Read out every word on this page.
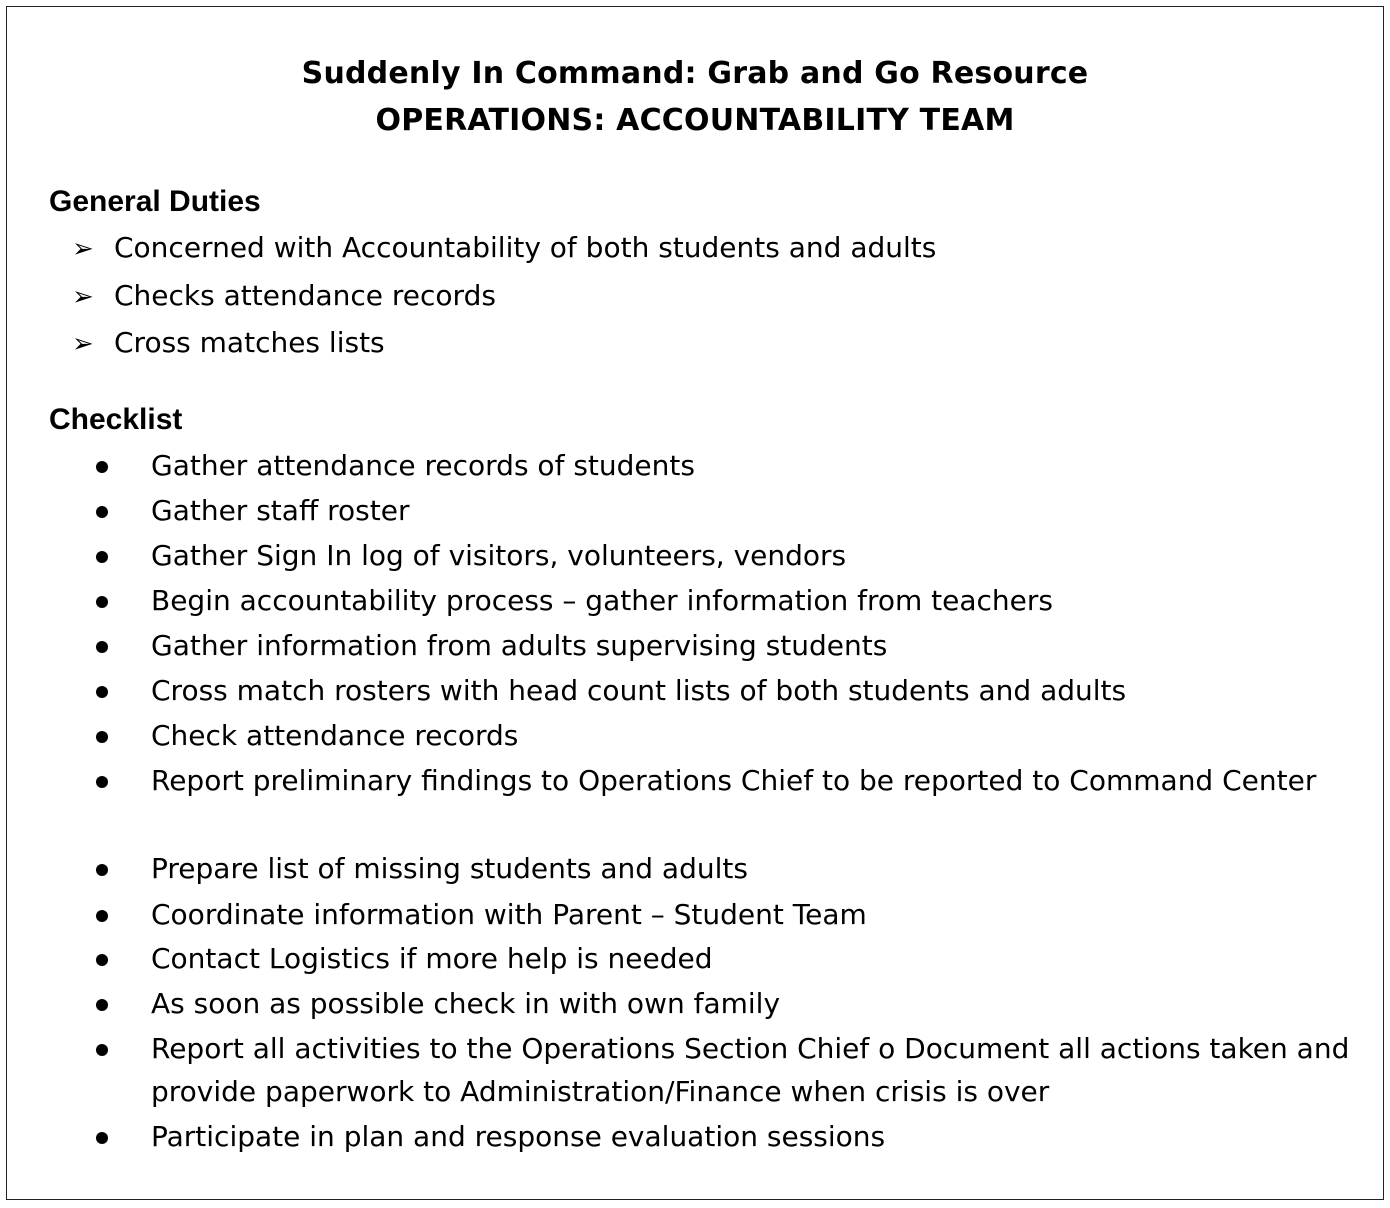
Suddenly In Command: Grab and Go Resource
OPERATIONS: ACCOUNTABILITY TEAM
General Duties
➢ Concerned with Accountability of both students and adults
➢ Checks attendance records
➢ Cross matches lists
Checklist
Gather attendance records of students
Gather staff roster
Gather Sign In log of visitors, volunteers, vendors
Begin accountability process – gather information from teachers
Gather information from adults supervising students
Cross match rosters with head count lists of both students and adults
Check attendance records
Report preliminary findings to Operations Chief to be reported to Command Center
Prepare list of missing students and adults
Coordinate information with Parent – Student Team
Contact Logistics if more help is needed
As soon as possible check in with own family
Report all activities to the Operations Section Chief o Document all actions taken and provide paperwork to Administration/Finance when crisis is over
Participate in plan and response evaluation sessions
